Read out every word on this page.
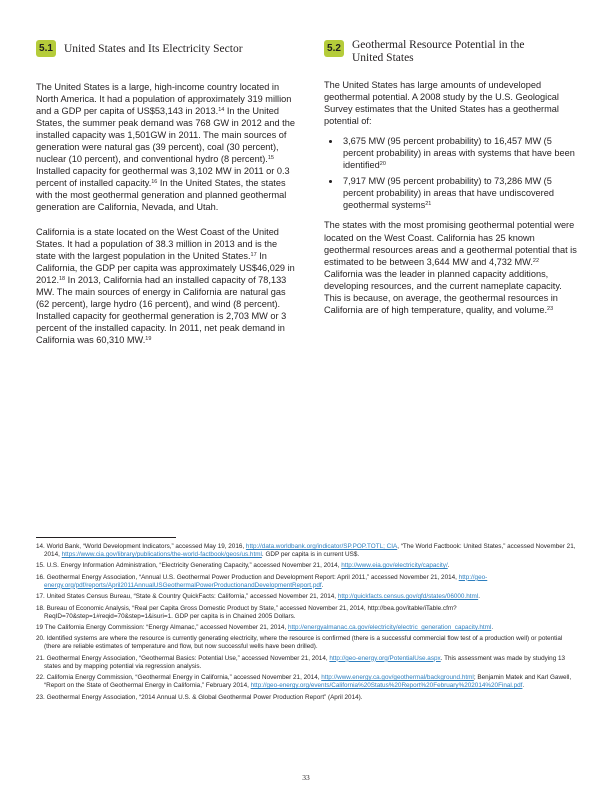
5.1 United States and Its Electricity Sector

The United States is a large, high-income country located in North America. It had a population of approximately 319 million and a GDP per capita of US$53,143 in 2013.14 In the United States, the summer peak demand was 768 GW in 2012 and the installed capacity was 1,501GW in 2011. The main sources of generation were natural gas (39 percent), coal (30 percent), nuclear (10 percent), and conventional hydro (8 percent).$^{15}$ Installed capacity for geothermal was 3,102 MW in 2011 or 0.3 percent of installed capacity.$^{16}$ In the United States, the states with the most geothermal generation and planned geothermal generation are California, Nevada, and Utah.

California is a state located on the West Coast of the United States. It had a population of 38.3 million in 2013 and is the state with the largest population in the United States.$^{17}$ In California, the GDP per capita was approximately US$46,029 in 2012.18 In 2013, California had an installed capacity of 78,133 MW. The main sources of energy in California are natural gas (62 percent), large hydro (16 percent), and wind (8 percent). Installed capacity for geothermal generation is 2,703 MW or 3 percent of the installed capacity. In 2011, net peak demand in California was 60,310 MW.$^{19}$

5.2 Geothermal Resource Potential in the United States

The United States has large amounts of undeveloped geothermal potential. A 2008 study by the U.S. Geological Survey estimates that the United States has a geothermal potential of:

• 3,675 MW (95 percent probability) to 16,457 MW (5 percent probability) in areas with systems that have been identified$^{20}$
• 7,917 MW (95 percent probability) to 73,286 MW (5 percent probability) in areas that have undiscovered geothermal systems$^{21}$

The states with the most promising geothermal potential were located on the West Coast. California has 25 known geothermal resources areas and a geothermal potential that is estimated to be between 3,644 MW and 4,732 MW.$^{22}$ California was the leader in planned capacity additions, developing resources, and the current nameplate capacity. This is because, on average, the geothermal resources in California are of high temperature, quality, and volume.$^{23}$

14. World Bank, “World Development Indicators,” accessed May 19, 2016, http://data.worldbank.org/indicator/SP.POP.TOTL; CIA, “The World Factbook: United States,” accessed November 21, 2014, https://www.cia.gov/library/publications/the-world-factbook/geos/us.html. GDP per capita is in current US$.

15. U.S. Energy Information Administration, “Electricity Generating Capacity,” accessed November 21, 2014, http://www.eia.gov/electricity/capacity/.

16. Geothermal Energy Association, “Annual U.S. Geothermal Power Production and Development Report: April 2011,” accessed November 21, 2014, http://geo-energy.org/pdf/reports/April2011AnnualUSGeothermalPowerProductionandDevelopmentReport.pdf.

17. United States Census Bureau, “State & Country QuickFacts: California,” accessed November 21, 2014, http://quickfacts.census.gov/qfd/states/06000.html.

18. Bureau of Economic Analysis, “Real per Capita Gross Domestic Product by State,” accessed November 21, 2014, http://bea.gov/itable/iTable.cfm?ReqID=70&step=1#reqid=70&step=1&isuri=1. GDP per capita is in Chained 2005 Dollars.

19 The California Energy Commission: “Energy Almanac,” accessed November 21, 2014, http://energyalmanac.ca.gov/electricity/electric_generation_capacity.html.

20. Identified systems are where the resource is currently generating electricity, where the resource is confirmed (there is a successful commercial flow test of a production well) or potential (there are reliable estimates of temperature and flow, but now successful wells have been drilled).

21. Geothermal Energy Association, “Geothermal Basics: Potential Use,” accessed November 21, 2014, http://geo-energy.org/PotentialUse.aspx. This assessment was made by studying 13 states and by mapping potential via regression analysis.

22. California Energy Commission, “Geothermal Energy in California,” accessed November 21, 2014, http://www.energy.ca.gov/geothermal/background.html; Benjamin Matek and Karl Gawell, “Report on the State of Geothermal Energy in California,” February 2014, http://geo-energy.org/events/California%20Status%20Report%20February%202014%20Final.pdf.

23. Geothermal Energy Association, “2014 Annual U.S. & Global Geothermal Power Production Report” (April 2014).

33
